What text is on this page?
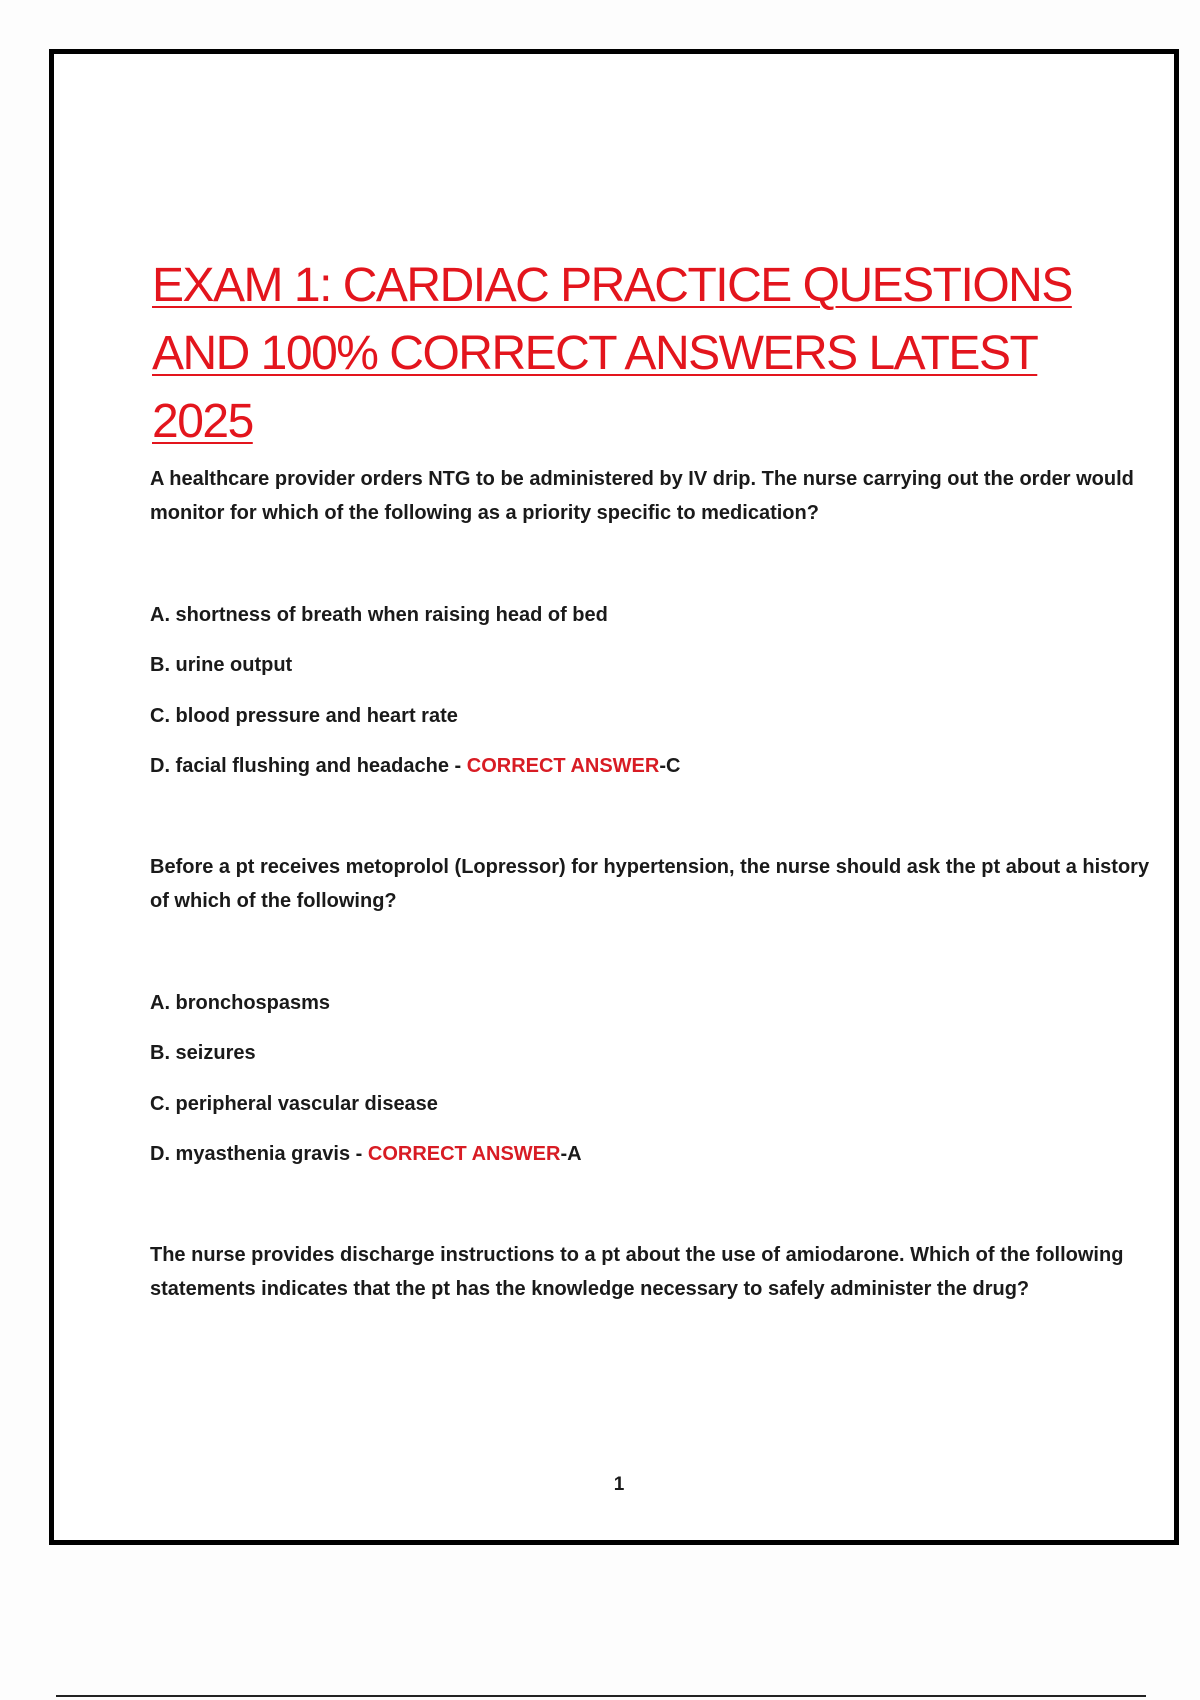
EXAM 1: CARDIAC PRACTICE QUESTIONS AND 100% CORRECT ANSWERS LATEST 2025

A healthcare provider orders NTG to be administered by IV drip. The nurse carrying out the order would monitor for which of the following as a priority specific to medication?

A. shortness of breath when raising head of bed

B. urine output

C. blood pressure and heart rate

D. facial flushing and headache - CORRECT ANSWER-C

Before a pt receives metoprolol (Lopressor) for hypertension, the nurse should ask the pt about a history of which of the following?

A. bronchospasms

B. seizures

C. peripheral vascular disease

D. myasthenia gravis - CORRECT ANSWER-A

The nurse provides discharge instructions to a pt about the use of amiodarone. Which of the following statements indicates that the pt has the knowledge necessary to safely administer the drug?

1
